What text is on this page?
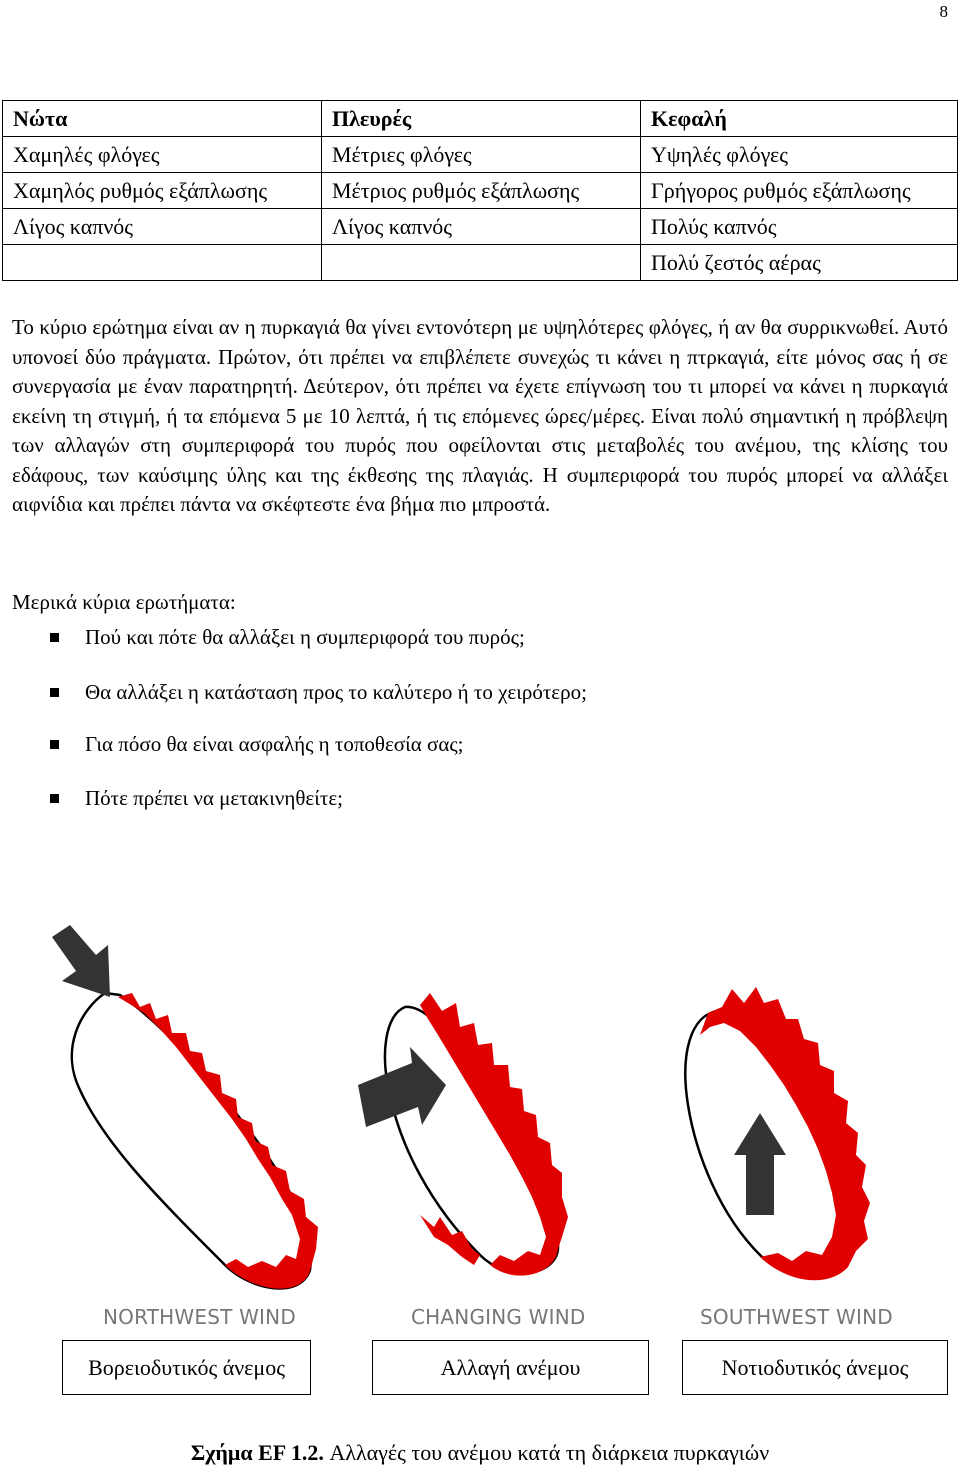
8
Νώτα	Πλευρές	Κεφαλή
Χαμηλές φλόγες	Μέτριες φλόγες	Υψηλές φλόγες
Χαμηλός ρυθμός εξάπλωσης	Μέτριος ρυθμός εξάπλωσης	Γρήγορος ρυθμός εξάπλωσης
Λίγος καπνός	Λίγος καπνός	Πολύς καπνός
		Πολύ ζεστός αέρας

Το κύριο ερώτημα είναι αν η πυρκαγιά θα γίνει εντονότερη με υψηλότερες φλόγες, ή αν θα συρρικνωθεί. Αυτό υπονοεί δύο πράγματα. Πρώτον, ότι πρέπει να επιβλέπετε συνεχώς τι κάνει η πτρκαγιά, είτε μόνος σας ή σε συνεργασία με έναν παρατηρητή. Δεύτερον, ότι πρέπει να έχετε επίγνωση του τι μπορεί να κάνει η πυρκαγιά εκείνη τη στιγμή, ή τα επόμενα 5 με 10 λεπτά, ή τις επόμενες ώρες/μέρες. Είναι πολύ σημαντική η πρόβλεψη των αλλαγών στη συμπεριφορά του πυρός που οφείλονται στις μεταβολές του ανέμου, της κλίσης του εδάφους, των καύσιμης ύλης και της έκθεσης της πλαγιάς. Η συμπεριφορά του πυρός μπορεί να αλλάξει αιφνίδια και πρέπει πάντα να σκέφτεστε ένα βήμα πιο μπροστά.

Μερικά κύρια ερωτήματα:

Πού και πότε θα αλλάξει η συμπεριφορά του πυρός;
Θα αλλάξει η κατάσταση προς το καλύτερο ή το χειρότερο;
Για πόσο θα είναι ασφαλής η τοποθεσία σας;
Πότε πρέπει να μετακινηθείτε;
NORTHWEST WIND	CHANGING WIND	SOUTHWEST WIND
Βορειοδυτικός άνεμος	Αλλαγή ανέμου	Νοτιοδυτικός άνεμος
Σχήμα EF 1.2. Αλλαγές του ανέμου κατά τη διάρκεια πυρκαγιών
